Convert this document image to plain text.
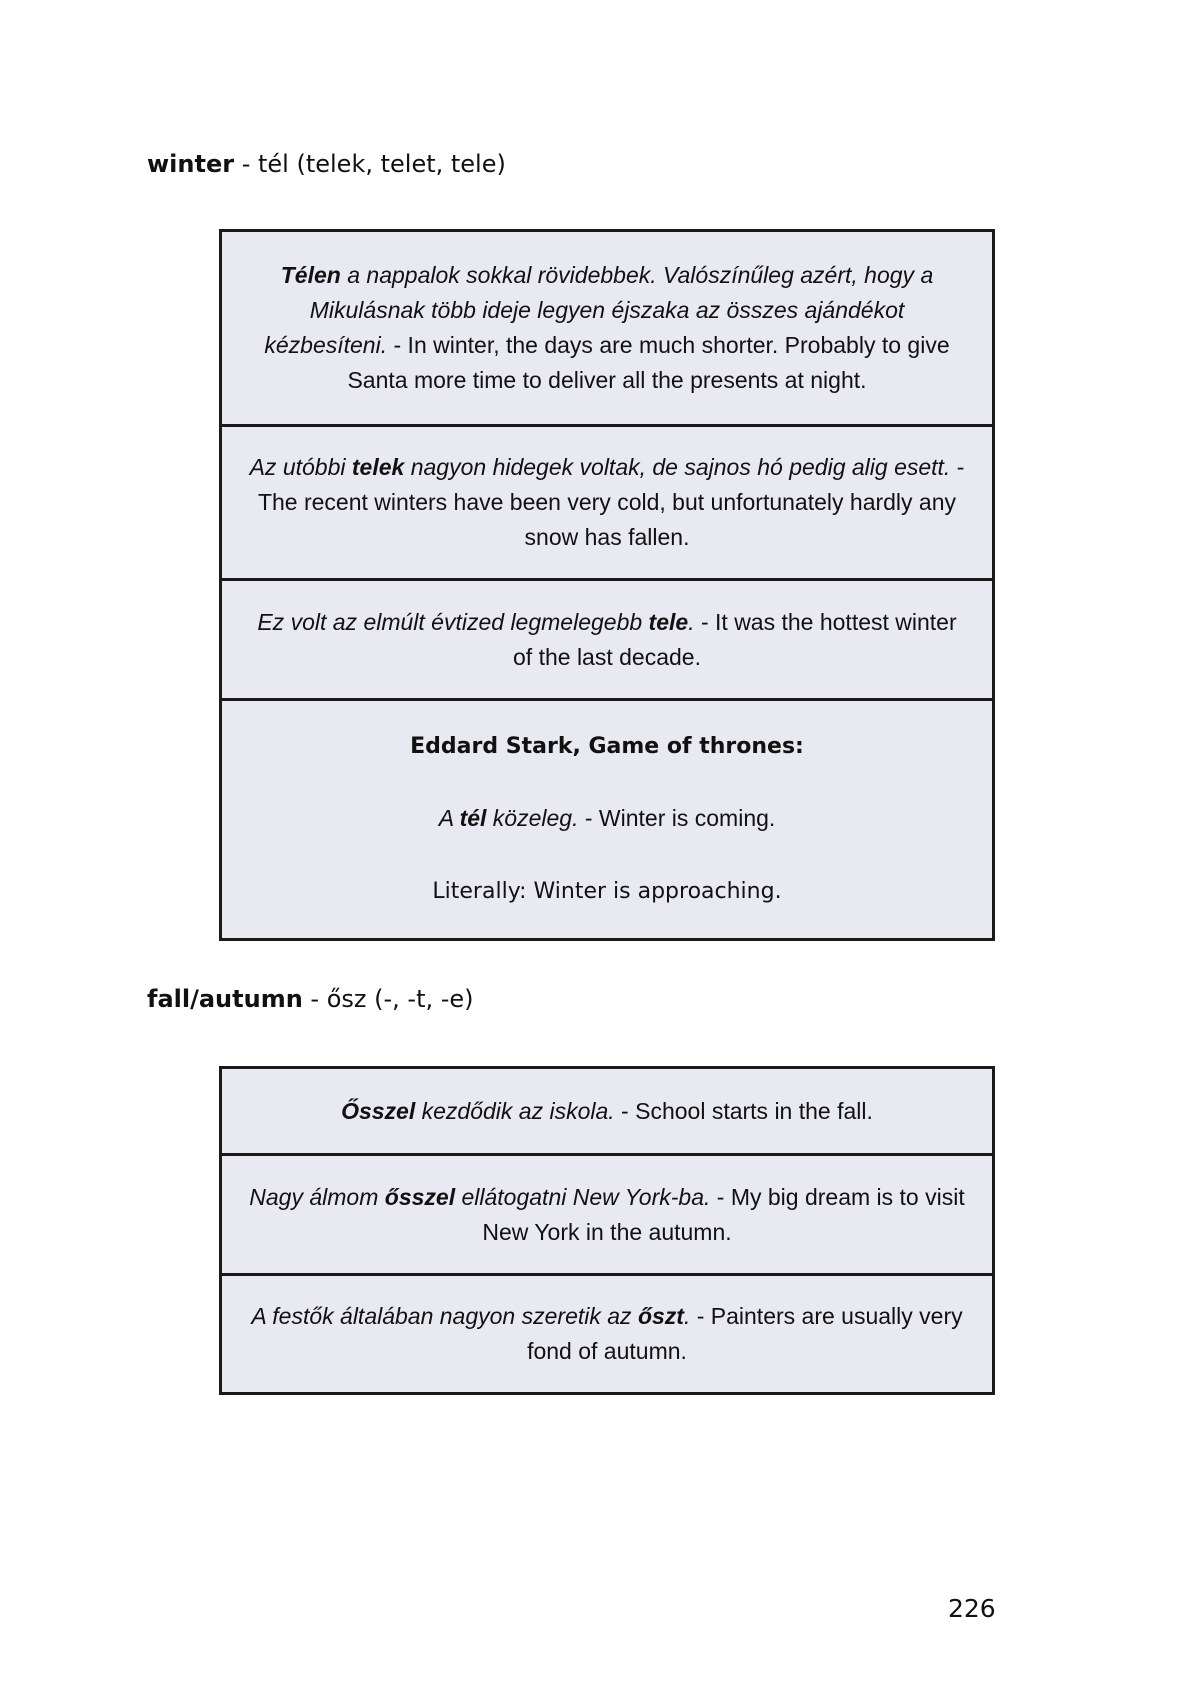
winter - tél (telek, telet, tele)

Télen a nappalok sokkal rövidebbek. Valószínűleg azért, hogy a Mikulásnak több ideje legyen éjszaka az összes ajándékot kézbesíteni. - In winter, the days are much shorter. Probably to give Santa more time to deliver all the presents at night.

Az utóbbi telek nagyon hidegek voltak, de sajnos hó pedig alig esett. - The recent winters have been very cold, but unfortunately hardly any snow has fallen.

Ez volt az elmúlt évtized legmelegebb tele. - It was the hottest winter of the last decade.

Eddard Stark, Game of thrones:

A tél közeleg. - Winter is coming.

Literally: Winter is approaching.

fall/autumn - ősz (-, -t, -e)

Ősszel kezdődik az iskola. - School starts in the fall.

Nagy álmom ősszel ellátogatni New York-ba. - My big dream is to visit New York in the autumn.

A festők általában nagyon szeretik az őszt. - Painters are usually very fond of autumn.

226
